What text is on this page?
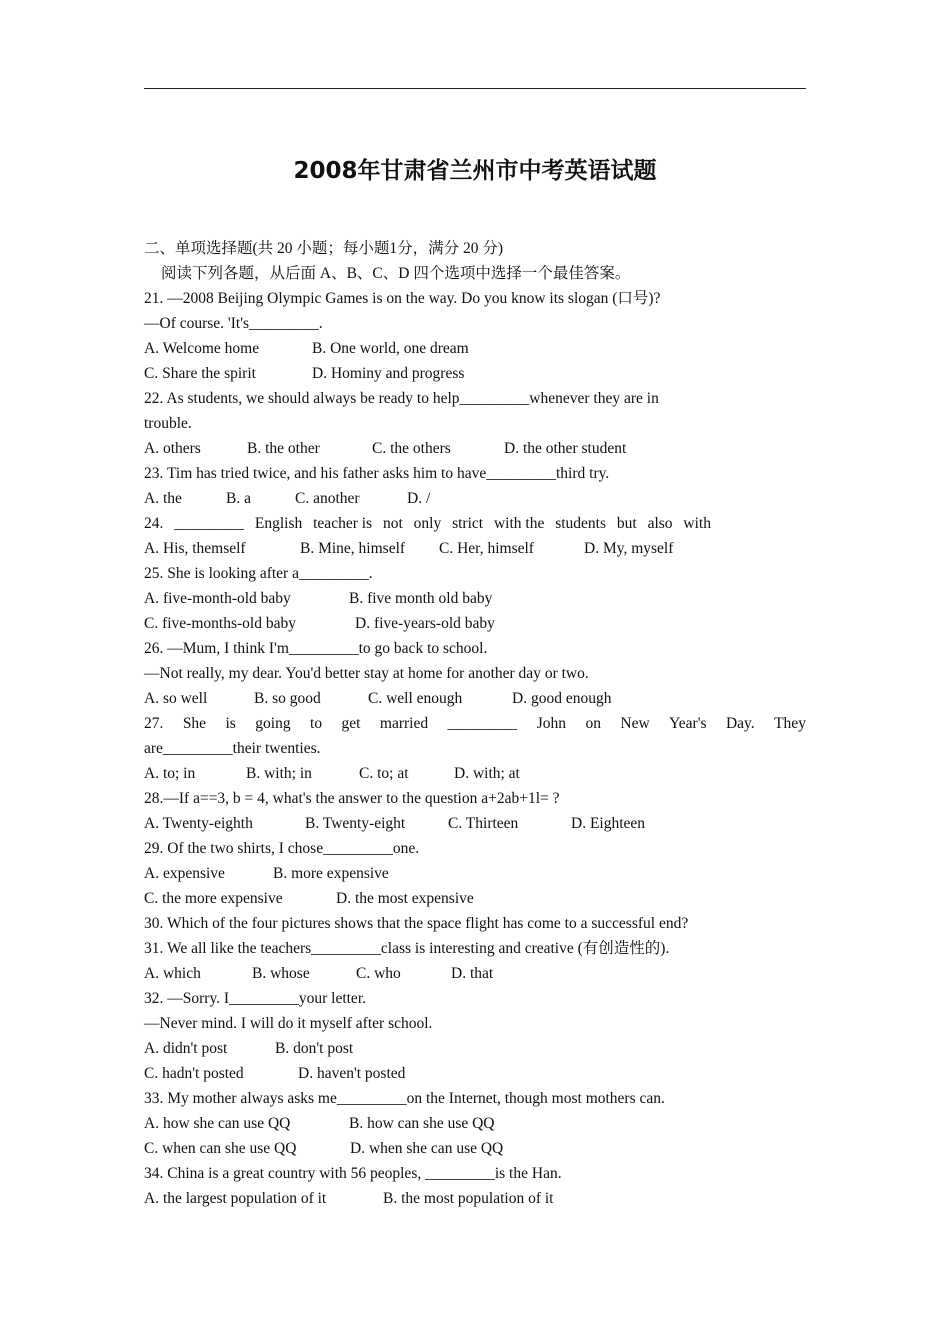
2008年甘肃省兰州市中考英语试题
二、单项选择题(共 20 小题；每小题1分，满分 20 分)
阅读下列各题，从后面 A、B、C、D 四个选项中选择一个最佳答案。
21. —2008 Beijing Olympic Games is on the way. Do you know its slogan (口号)?
—Of course. 'It's_________.
A. Welcome home	B. One world, one dream
C. Share the spirit	D. Hominy and progress
22. As students, we should always be ready to help_________whenever they are in
trouble.
A. others	B. the other	C. the others	D. the other student
23. Tim has tried twice, and his father asks him to have_________third try.
A. the	B. a	C. another	D. /
24. _________ English teacher is not only strict with the students but also with
A. His, themself	B. Mine, himself C. Her, himself	D. My, myself
25. She is looking after a_________.
A. five-month-old baby	B. five month old baby
C. five-months-old baby	D. five-years-old baby
26. —Mum, I think I'm_________to go back to school.
—Not really, my dear. You'd better stay at home for another day or two.
A. so well	B. so good	C. well enough	D. good enough
27. She is going to get married _________ John on New Year's Day. They
are_________their twenties.
A. to; in	B. with; in	C. to; at	D. with; at
28.—If a==3, b = 4, what's the answer to the question a+2ab+1l= ?
A. Twenty-eighth	B. Twenty-eight	C. Thirteen	D. Eighteen
29. Of the two shirts, I chose_________one.
A. expensive	B. more expensive
C. the more expensive	D. the most expensive
30. Which of the four pictures shows that the space flight has come to a successful end?
31. We all like the teachers_________class is interesting and creative (有创造性的).
A. which	B. whose	C. who	D. that
32. —Sorry. I_________your letter.
—Never mind. I will do it myself after school.
A. didn't post	B. don't post
C. hadn't posted	D. haven't posted
33. My mother always asks me_________on the Internet, though most mothers can.
A. how she can use QQ	B. how can she use QQ
C. when can she use QQ	D. when she can use QQ
34. China is a great country with 56 peoples, _________is the Han.
A. the largest population of it	B. the most population of it
